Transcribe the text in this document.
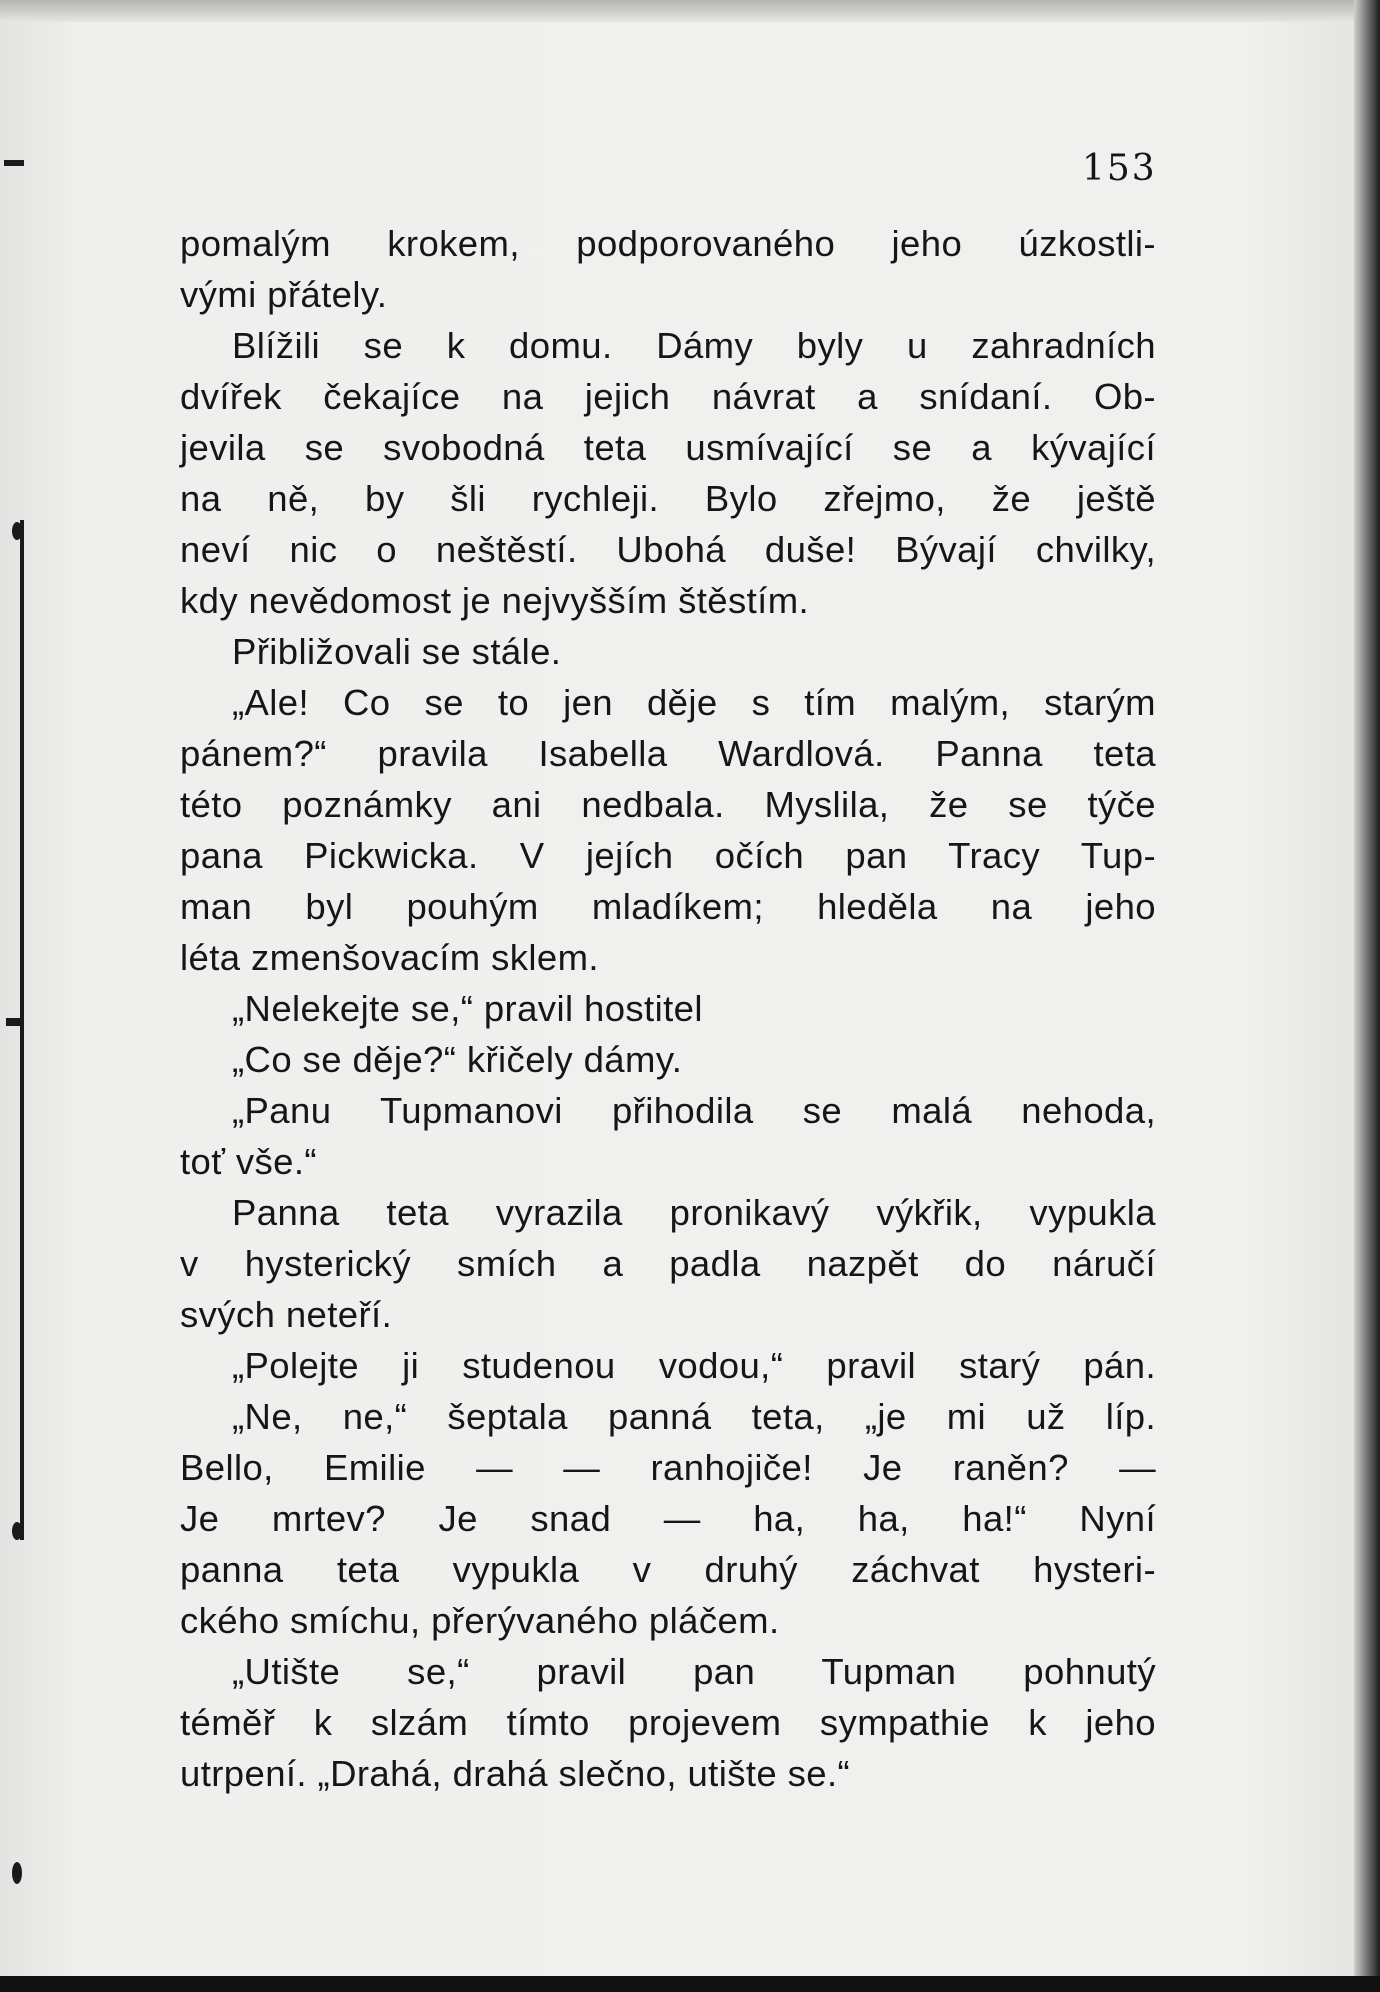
153
pomalým krokem, podporovaného jeho úzkostli-
vými přátely.
Blížili se k domu. Dámy byly u zahradních
dvířek čekajíce na jejich návrat a snídaní. Ob-
jevila se svobodná teta usmívající se a kývající
na ně, by šli rychleji. Bylo zřejmo, že ještě
neví nic o neštěstí. Ubohá duše! Bývají chvilky,
kdy nevědomost je nejvyšším štěstím.
Přibližovali se stále.
„Ale! Co se to jen děje s tím malým, starým
pánem?“ pravila Isabella Wardlová. Panna teta
této poznámky ani nedbala. Myslila, že se týče
pana Pickwicka. V jejích očích pan Tracy Tup-
man byl pouhým mladíkem; hleděla na jeho
léta zmenšovacím sklem.
„Nelekejte se,“ pravil hostitel
„Co se děje?“ křičely dámy.
„Panu Tupmanovi přihodila se malá nehoda,
toť vše.“
Panna teta vyrazila pronikavý výkřik, vypukla
v hysterický smích a padla nazpět do náručí
svých neteří.
„Polejte ji studenou vodou,“ pravil starý pán.
„Ne, ne,“ šeptala panná teta, „je mi už líp.
Bello, Emilie — — ranhojiče! Je raněn? —
Je mrtev? Je snad — ha, ha, ha!“ Nyní
panna teta vypukla v druhý záchvat hysteri-
ckého smíchu, přerývaného pláčem.
„Utište se,“ pravil pan Tupman pohnutý
téměř k slzám tímto projevem sympathie k jeho
utrpení. „Drahá, drahá slečno, utište se.“
